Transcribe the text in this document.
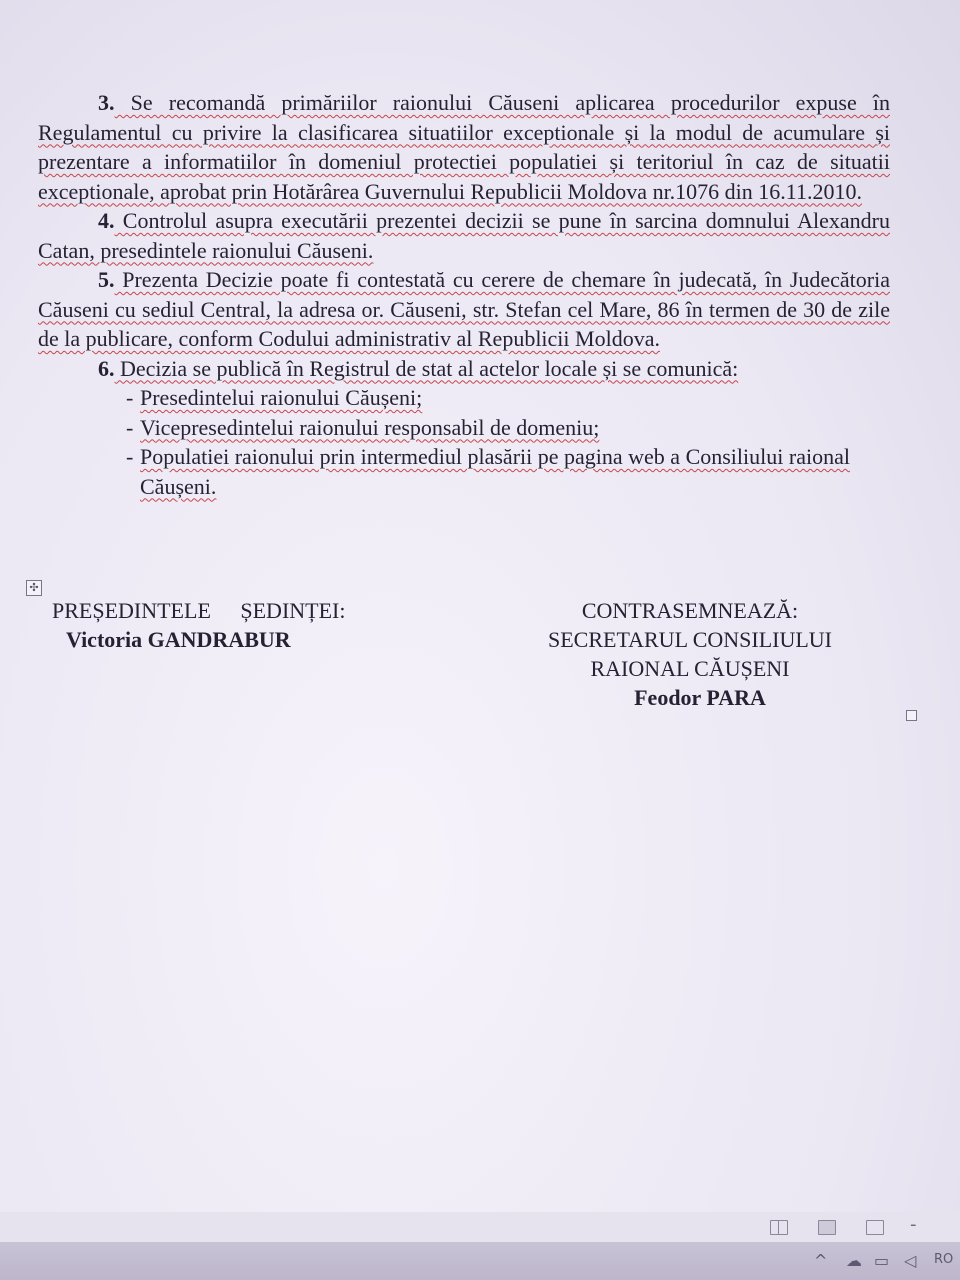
3. Se recomandă primăriilor raionului Căuseni aplicarea procedurilor expuse în Regulamentul cu privire la clasificarea situatiilor exceptionale și la modul de acumulare și prezentare a informatiilor în domeniul protectiei populatiei și teritoriul în caz de situatii exceptionale, aprobat prin Hotărârea Guvernului Republicii Moldova nr.1076 din 16.11.2010.

4. Controlul asupra executării prezentei decizii se pune în sarcina domnului Alexandru Catan, presedintele raionului Căuseni.

5. Prezenta Decizie poate fi contestată cu cerere de chemare în judecată, în Judecătoria Căuseni cu sediul Central, la adresa or. Căuseni, str. Stefan cel Mare, 86 în termen de 30 de zile de la publicare, conform Codului administrativ al Republicii Moldova.

6. Decizia se publică în Registrul de stat al actelor locale și se comunică:

- Presedintelui raionului Căușeni;
- Vicepresedintelui raionului responsabil de domeniu;
- Populatiei raionului prin intermediul plasării pe pagina web a Consiliului raional Căușeni.
✣
PREȘEDINTELE ȘEDINȚEI:
Victoria GANDRABUR
CONTRASEMNEAZĂ:
SECRETARUL CONSILIULUI
RAIONAL CĂUȘENI
Feodor PARA
-
^ ☁ ▭ ◁ RO
